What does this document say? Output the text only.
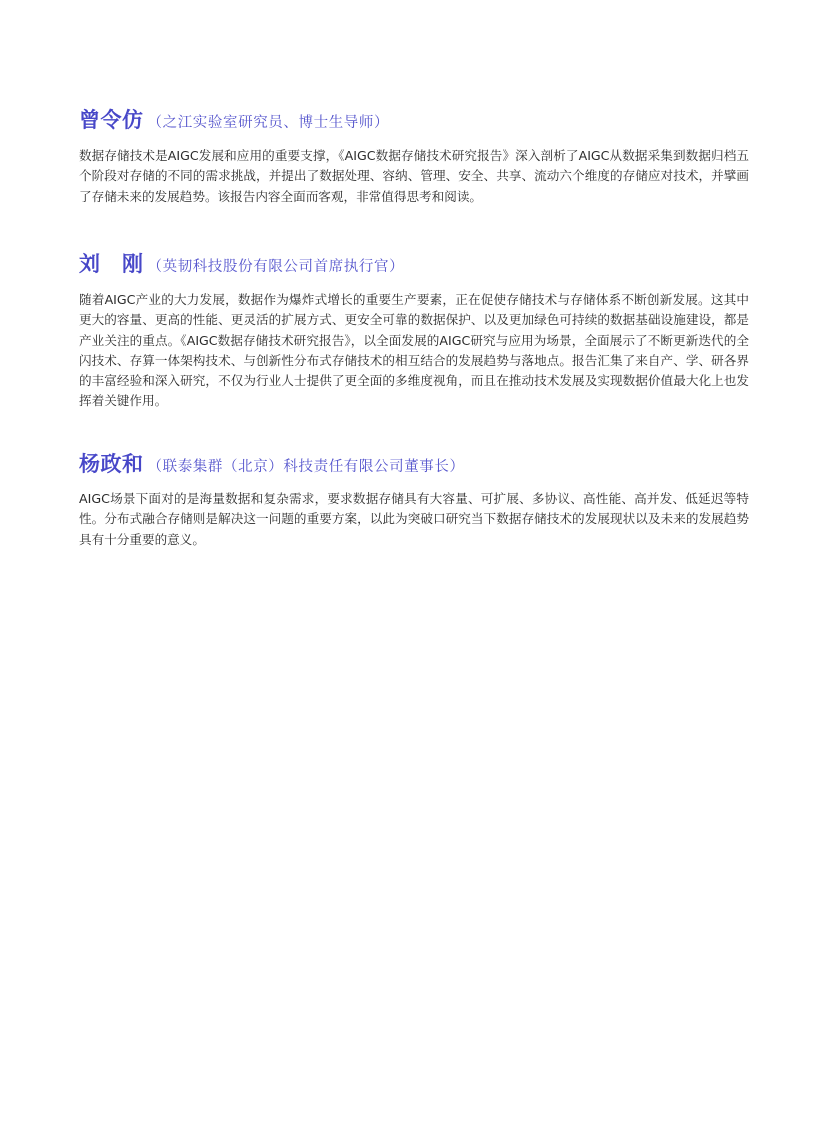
曾令仿 （之江实验室研究员、博士生导师）

数据存储技术是AIGC发展和应用的重要支撑，《AIGC数据存储技术研究报告》深入剖析了AIGC从数据采集到数据归档五个阶段对存储的不同的需求挑战，并提出了数据处理、容纳、管理、安全、共享、流动六个维度的存储应对技术，并擘画了存储未来的发展趋势。该报告内容全面而客观，非常值得思考和阅读。

刘　刚 （英韧科技股份有限公司首席执行官）

随着AIGC产业的大力发展，数据作为爆炸式增长的重要生产要素，正在促使存储技术与存储体系不断创新发展。这其中更大的容量、更高的性能、更灵活的扩展方式、更安全可靠的数据保护、以及更加绿色可持续的数据基础设施建设，都是产业关注的重点。《AIGC数据存储技术研究报告》，以全面发展的AIGC研究与应用为场景，全面展示了不断更新迭代的全闪技术、存算一体架构技术、与创新性分布式存储技术的相互结合的发展趋势与落地点。报告汇集了来自产、学、研各界的丰富经验和深入研究，不仅为行业人士提供了更全面的多维度视角，而且在推动技术发展及实现数据价值最大化上也发挥着关键作用。

杨政和 （联泰集群（北京）科技责任有限公司董事长）

AIGC场景下面对的是海量数据和复杂需求，要求数据存储具有大容量、可扩展、多协议、高性能、高并发、低延迟等特性。分布式融合存储则是解决这一问题的重要方案，以此为突破口研究当下数据存储技术的发展现状以及未来的发展趋势具有十分重要的意义。
